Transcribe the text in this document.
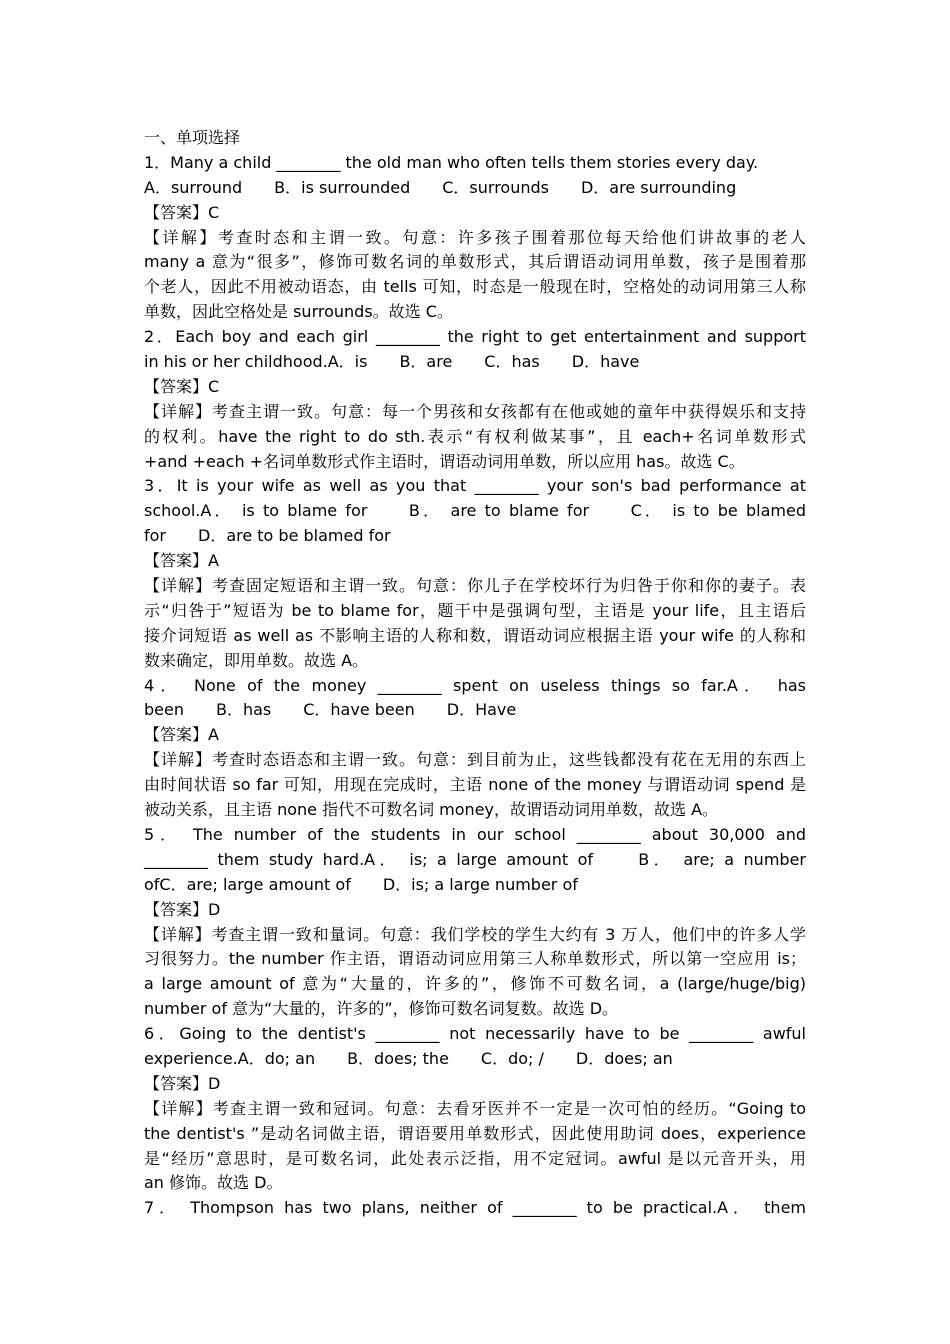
一、单项选择
1．Many a child ________ the old man who often tells them stories every day.
A．surround　　B．is surrounded　　C．surrounds　　D．are surrounding
【答案】C
【详解】考查时态和主谓一致。句意：许多孩子围着那位每天给他们讲故事的老人
many a 意为“很多”，修饰可数名词的单数形式，其后谓语动词用单数，孩子是围着那
个老人，因此不用被动语态，由 tells 可知，时态是一般现在时，空格处的动词用第三人称
单数，因此空格处是 surrounds。故选 C。
2．Each boy and each girl ________ the right to get entertainment and support
in his or her childhood.A．is　　B．are　　C．has　　D．have
【答案】C
【详解】考查主谓一致。句意：每一个男孩和女孩都有在他或她的童年中获得娱乐和支持
的权利。have the right to do sth.表示“有权利做某事”，且 each+名词单数形式
+and +each +名词单数形式作主语时，谓语动词用单数，所以应用 has。故选 C。
3．It is your wife as well as you that ________ your son's bad performance at
school.A． is to blame for　　B． are to blame for　　C． is to be blamed
for　　D．are to be blamed for
【答案】A
【详解】考查固定短语和主谓一致。句意：你儿子在学校坏行为归咎于你和你的妻子。表
示“归咎于”短语为 be to blame for，题干中是强调句型，主语是 your life，且主语后
接介词短语 as well as 不影响主语的人称和数，谓语动词应根据主语 your wife 的人称和
数来确定，即用单数。故选 A。
4． None of the money ________ spent on useless things so far.A． has
been　　B．has　　C．have been　　D．Have
【答案】A
【详解】考查时态语态和主谓一致。句意：到目前为止，这些钱都没有花在无用的东西上
由时间状语 so far 可知，用现在完成时，主语 none of the money 与谓语动词 spend 是
被动关系，且主语 none 指代不可数名词 money，故谓语动词用单数，故选 A。
5． The number of the students in our school ________ about 30,000 and
________ them study hard.A． is; a large amount of　　B． are; a number
ofC．are; large amount of　　D．is; a large number of
【答案】D
【详解】考查主谓一致和量词。句意：我们学校的学生大约有 3 万人，他们中的许多人学
习很努力。the number 作主语，谓语动词应用第三人称单数形式，所以第一空应用 is；
a large amount of 意为“大量的，许多的”，修饰不可数名词，a (large/huge/big)
number of 意为“大量的，许多的”，修饰可数名词复数。故选 D。
6．Going to the dentist's ________ not necessarily have to be ________ awful
experience.A．do; an　　B．does; the　　C．do; /　　D．does; an
【答案】D
【详解】考查主谓一致和冠词。句意：去看牙医并不一定是一次可怕的经历。“Going to
the dentist's ”是动名词做主语，谓语要用单数形式，因此使用助词 does，experience
是“经历”意思时，是可数名词，此处表示泛指，用不定冠词。awful 是以元音开头，用
an 修饰。故选 D。
7． Thompson has two plans, neither of ________ to be practical.A． them
